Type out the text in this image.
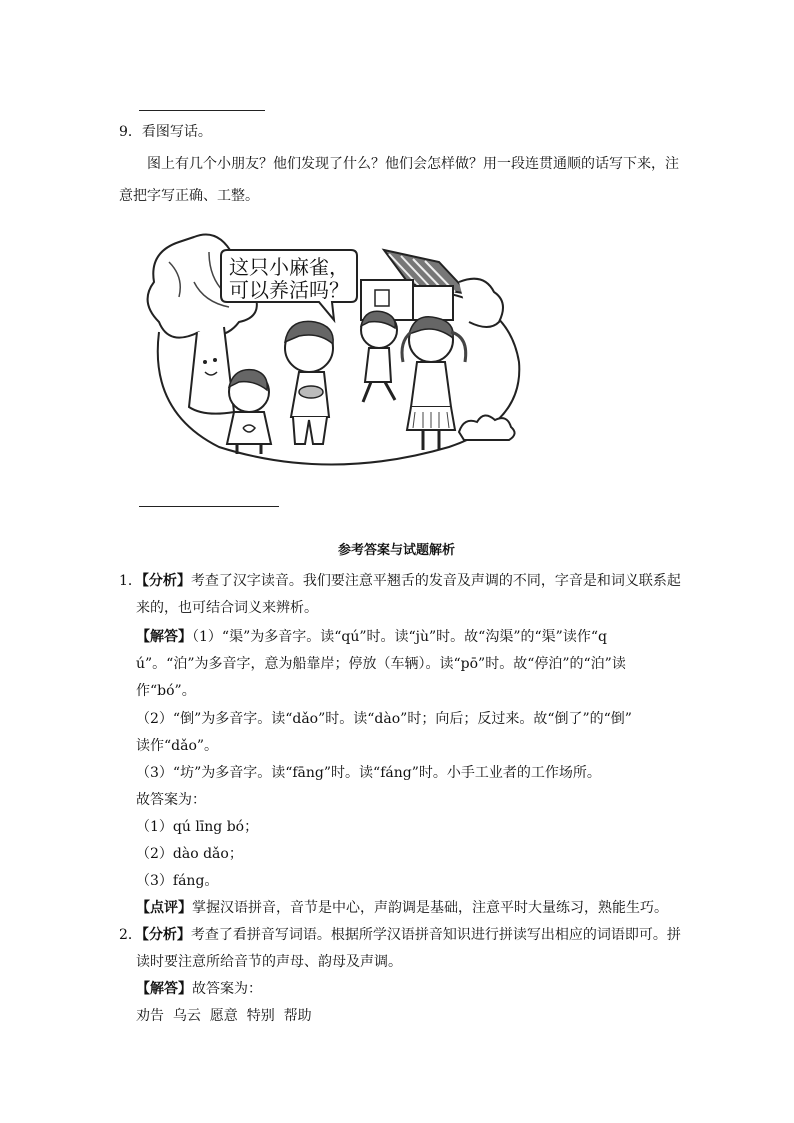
9．看图写话。
图上有几个小朋友？他们发现了什么？他们会怎样做？用一段连贯通顺的话写下来，注
意把字写正确、工整。
这只小麻雀，
可以养活吗？
参考答案与试题解析
1．【分析】考查了汉字读音。我们要注意平翘舌的发音及声调的不同，字音是和词义联系起
来的，也可结合词义来辨析。
【解答】（1）“渠”为多音字。读“qú”时。读“jù”时。故“沟渠”的“渠”读作“q
ú”。“泊”为多音字，意为船靠岸；停放（车辆）。读“pō”时。故“停泊”的“泊”读
作“bó”。
（2）“倒”为多音字。读“dǎo”时。读“dào”时；向后；反过来。故“倒了”的“倒”
读作“dǎo”。
（3）“坊”为多音字。读“fāng”时。读“fáng”时。小手工业者的工作场所。
故答案为：
（1）qú līng bó；
（2）dào dǎo；
（3）fáng。
【点评】掌握汉语拼音，音节是中心，声韵调是基础，注意平时大量练习，熟能生巧。
2．【分析】考查了看拼音写词语。根据所学汉语拼音知识进行拼读写出相应的词语即可。拼
读时要注意所给音节的声母、韵母及声调。
【解答】故答案为：
劝告  乌云  愿意  特别  帮助
